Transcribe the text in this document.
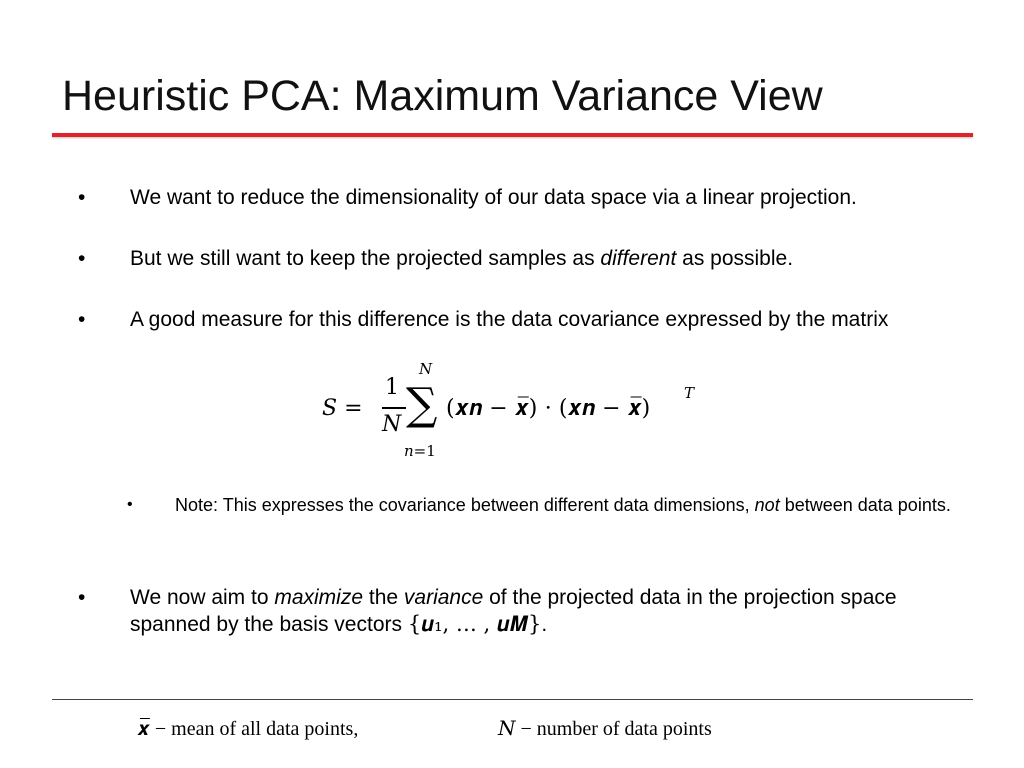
Heuristic PCA: Maximum Variance View
• We want to reduce the dimensionality of our data space via a linear projection.
• But we still want to keep the projected samples as different as possible.
• A good measure for this difference is the data covariance expressed by the matrix
𝑆 =
1
𝑁
𝑁
∑
𝑛=1
(𝒙𝒏 − 𝒙̅) ⋅ (𝒙𝒏 − 𝒙̅)
𝑇
• Note: This expresses the covariance between different data dimensions, not between data points.
• We now aim to maximize the variance of the projected data in the projection space spanned by the basis vectors {𝒖₁, … , 𝒖𝑴}.
𝒙̅ − mean of all data points,	𝑁 − number of data points
